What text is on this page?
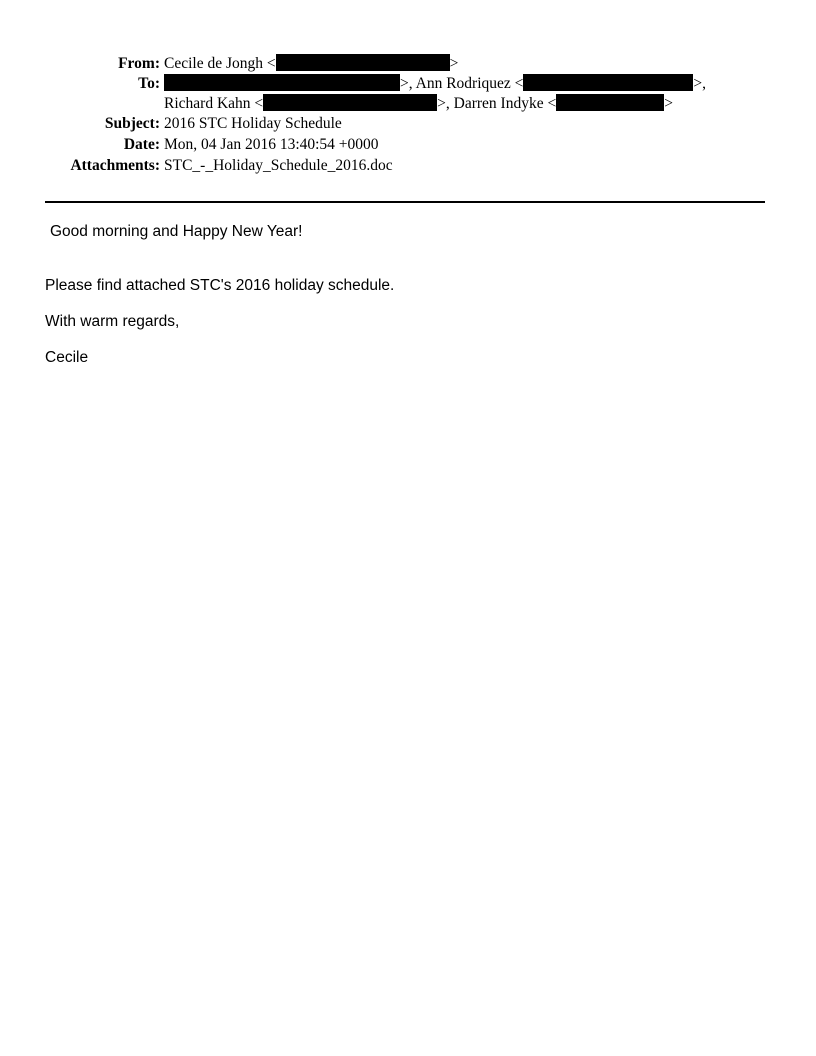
From: Cecile de Jongh <	>
To:	>, Ann Rodriquez <	>,
Richard Kahn <	>, Darren Indyke <	>
Subject: 2016 STC Holiday Schedule
Date: Mon, 04 Jan 2016 13:40:54 +0000
Attachments: STC_-_Holiday_Schedule_2016.doc
Good morning and Happy New Year!
Please find attached STC's 2016 holiday schedule.
With warm regards,
Cecile
